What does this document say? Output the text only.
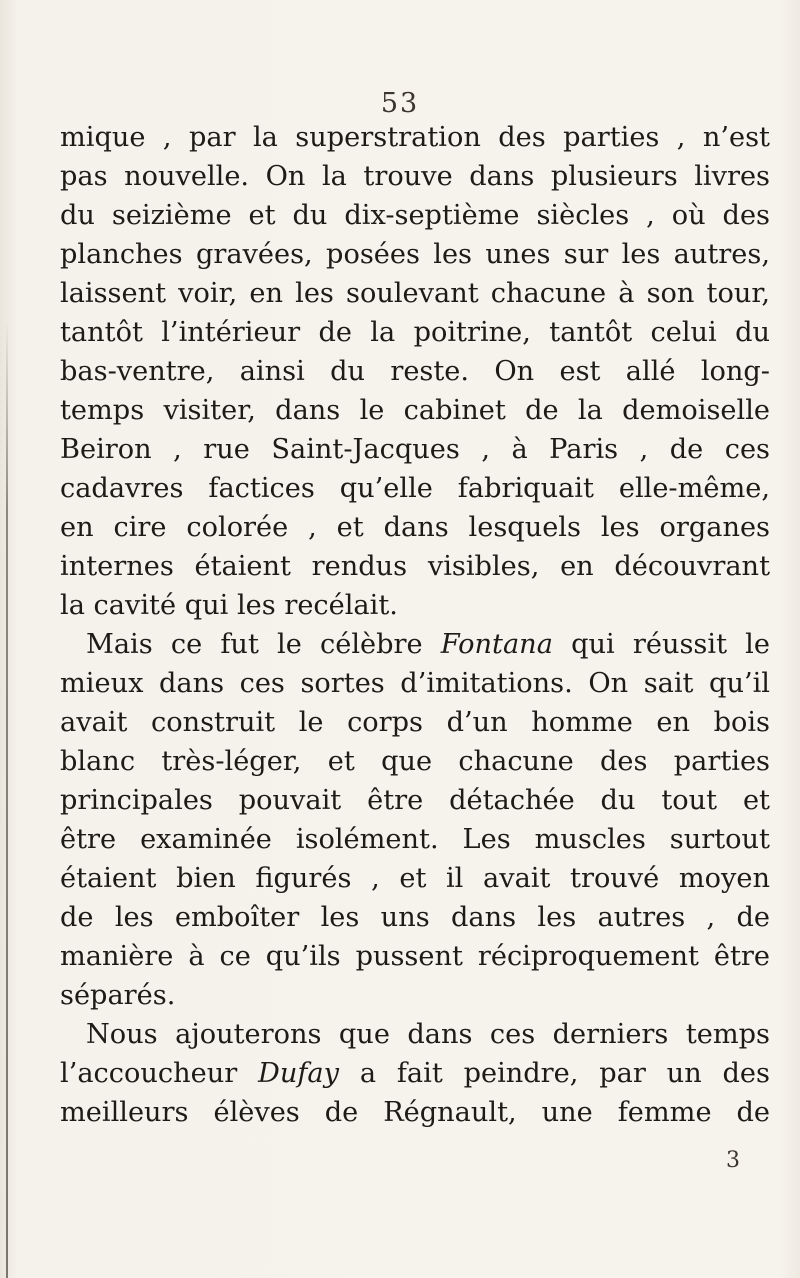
53
mique , par la superstration des parties , n’est
pas nouvelle. On la trouve dans plusieurs livres
du seizième et du dix-septième siècles , où des
planches gravées, posées les unes sur les autres,
laissent voir, en les soulevant chacune à son tour,
tantôt l’intérieur de la poitrine, tantôt celui du
bas-ventre, ainsi du reste. On est allé long-
temps visiter, dans le cabinet de la demoiselle
Beiron , rue Saint-Jacques , à Paris , de ces
cadavres factices qu’elle fabriquait elle-même,
en cire colorée , et dans lesquels les organes
internes étaient rendus visibles, en découvrant
la cavité qui les recélait.
Mais ce fut le célèbre Fontana qui réussit le
mieux dans ces sortes d’imitations. On sait qu’il
avait construit le corps d’un homme en bois
blanc très-léger, et que chacune des parties
principales pouvait être détachée du tout et
être examinée isolément. Les muscles surtout
étaient bien figurés , et il avait trouvé moyen
de les emboîter les uns dans les autres , de
manière à ce qu’ils pussent réciproquement être
séparés.
Nous ajouterons que dans ces derniers temps
l’accoucheur Dufay a fait peindre, par un des
meilleurs élèves de Régnault, une femme de
3
